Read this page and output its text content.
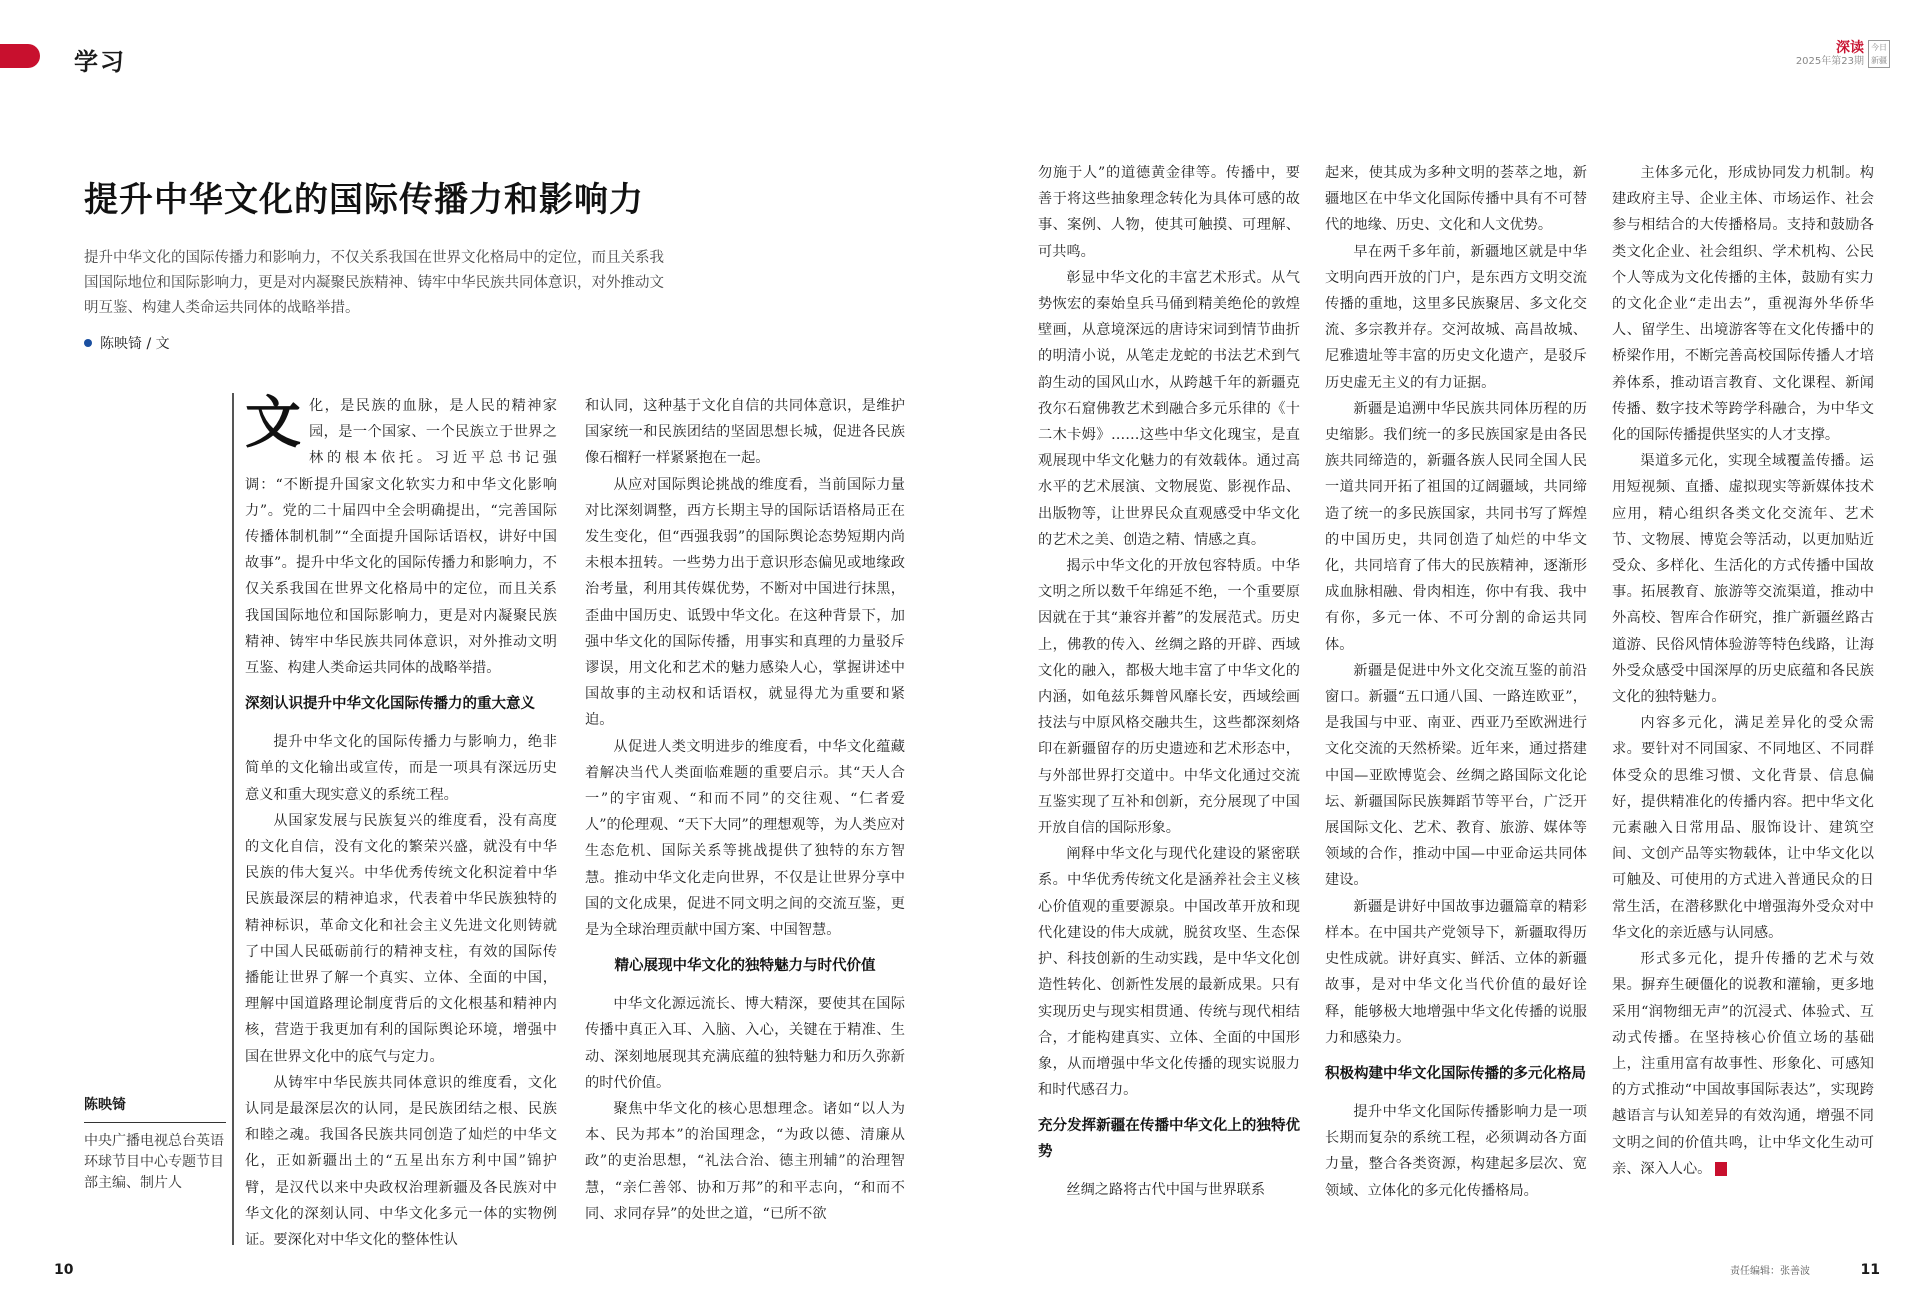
学习	深读
2025年第23期
今日新疆
提升中华文化的国际传播力和影响力
提升中华文化的国际传播力和影响力，不仅关系我国在世界文化格局中的定位，而且关系我国国际地位和国际影响力，更是对内凝聚民族精神、铸牢中华民族共同体意识，对外推动文明互鉴、构建人类命运共同体的战略举措。
陈映锜 / 文

文化，是民族的血脉，是人民的精神家园，是一个国家、一个民族立于世界之林的根本依托。习近平总书记强调：“不断提升国家文化软实力和中华文化影响力”。党的二十届四中全会明确提出，“完善国际传播体制机制”“全面提升国际话语权，讲好中国故事”。提升中华文化的国际传播力和影响力，不仅关系我国在世界文化格局中的定位，而且关系我国国际地位和国际影响力，更是对内凝聚民族精神、铸牢中华民族共同体意识，对外推动文明互鉴、构建人类命运共同体的战略举措。

深刻认识提升中华文化国际传播力的重大意义

提升中华文化的国际传播力与影响力，绝非简单的文化输出或宣传，而是一项具有深远历史意义和重大现实意义的系统工程。

从国家发展与民族复兴的维度看，没有高度的文化自信，没有文化的繁荣兴盛，就没有中华民族的伟大复兴。中华优秀传统文化积淀着中华民族最深层的精神追求，代表着中华民族独特的精神标识，革命文化和社会主义先进文化则铸就了中国人民砥砺前行的精神支柱，有效的国际传播能让世界了解一个真实、立体、全面的中国，理解中国道路理论制度背后的文化根基和精神内核，营造于我更加有利的国际舆论环境，增强中国在世界文化中的底气与定力。

从铸牢中华民族共同体意识的维度看，文化认同是最深层次的认同，是民族团结之根、民族和睦之魂。我国各民族共同创造了灿烂的中华文化，正如新疆出土的“五星出东方利中国”锦护臂，是汉代以来中央政权治理新疆及各民族对中华文化的深刻认同、中华文化多元一体的实物例证。要深化对中华文化的整体性认

和认同，这种基于文化自信的共同体意识，是维护国家统一和民族团结的坚固思想长城，促进各民族像石榴籽一样紧紧抱在一起。

从应对国际舆论挑战的维度看，当前国际力量对比深刻调整，西方长期主导的国际话语格局正在发生变化，但“西强我弱”的国际舆论态势短期内尚未根本扭转。一些势力出于意识形态偏见或地缘政治考量，利用其传媒优势，不断对中国进行抹黑，歪曲中国历史、诋毁中华文化。在这种背景下，加强中华文化的国际传播，用事实和真理的力量驳斥谬误，用文化和艺术的魅力感染人心，掌握讲述中国故事的主动权和话语权，就显得尤为重要和紧迫。

从促进人类文明进步的维度看，中华文化蕴藏着解决当代人类面临难题的重要启示。其“天人合一”的宇宙观、“和而不同”的交往观、“仁者爱人”的伦理观、“天下大同”的理想观等，为人类应对生态危机、国际关系等挑战提供了独特的东方智慧。推动中华文化走向世界，不仅是让世界分享中国的文化成果，促进不同文明之间的交流互鉴，更是为全球治理贡献中国方案、中国智慧。

精心展现中华文化的独特魅力与时代价值

中华文化源远流长、博大精深，要使其在国际传播中真正入耳、入脑、入心，关键在于精准、生动、深刻地展现其充满底蕴的独特魅力和历久弥新的时代价值。

聚焦中华文化的核心思想理念。诸如“以人为本、民为邦本”的治国理念，“为政以德、清廉从政”的吏治思想，“礼法合治、德主刑辅”的治理智慧，“亲仁善邻、协和万邦”的和平志向，“和而不同、求同存异”的处世之道，“已所不欲

陈映锜
中央广播电视总台英语环球节目中心专题节目部主编、制片人

勿施于人”的道德黄金律等。传播中，要善于将这些抽象理念转化为具体可感的故事、案例、人物，使其可触摸、可理解、可共鸣。

彰显中华文化的丰富艺术形式。从气势恢宏的秦始皇兵马俑到精美绝伦的敦煌壁画，从意境深远的唐诗宋词到情节曲折的明清小说，从笔走龙蛇的书法艺术到气韵生动的国风山水，从跨越千年的新疆克孜尔石窟佛教艺术到融合多元乐律的《十二木卡姆》……这些中华文化瑰宝，是直观展现中华文化魅力的有效载体。通过高水平的艺术展演、文物展览、影视作品、出版物等，让世界民众直观感受中华文化的艺术之美、创造之精、情感之真。

揭示中华文化的开放包容特质。中华文明之所以数千年绵延不绝，一个重要原因就在于其“兼容并蓄”的发展范式。历史上，佛教的传入、丝绸之路的开辟、西域文化的融入，都极大地丰富了中华文化的内涵，如龟兹乐舞曾风靡长安，西域绘画技法与中原风格交融共生，这些都深刻烙印在新疆留存的历史遗迹和艺术形态中，与外部世界打交道中。中华文化通过交流互鉴实现了互补和创新，充分展现了中国开放自信的国际形象。

阐释中华文化与现代化建设的紧密联系。中华优秀传统文化是涵养社会主义核心价值观的重要源泉。中国改革开放和现代化建设的伟大成就，脱贫攻坚、生态保护、科技创新的生动实践，是中华文化创造性转化、创新性发展的最新成果。只有实现历史与现实相贯通、传统与现代相结合，才能构建真实、立体、全面的中国形象，从而增强中华文化传播的现实说服力和时代感召力。

充分发挥新疆在传播中华文化上的独特优势

丝绸之路将古代中国与世界联系

起来，使其成为多种文明的荟萃之地，新疆地区在中华文化国际传播中具有不可替代的地缘、历史、文化和人文优势。

早在两千多年前，新疆地区就是中华文明向西开放的门户，是东西方文明交流传播的重地，这里多民族聚居、多文化交流、多宗教并存。交河故城、高昌故城、尼雅遗址等丰富的历史文化遗产，是驳斥历史虚无主义的有力证据。

新疆是追溯中华民族共同体历程的历史缩影。我们统一的多民族国家是由各民族共同缔造的，新疆各族人民同全国人民一道共同开拓了祖国的辽阔疆域，共同缔造了统一的多民族国家，共同书写了辉煌的中国历史，共同创造了灿烂的中华文化，共同培育了伟大的民族精神，逐渐形成血脉相融、骨肉相连，你中有我、我中有你，多元一体、不可分割的命运共同体。

新疆是促进中外文化交流互鉴的前沿窗口。新疆“五口通八国、一路连欧亚”，是我国与中亚、南亚、西亚乃至欧洲进行文化交流的天然桥梁。近年来，通过搭建中国—亚欧博览会、丝绸之路国际文化论坛、新疆国际民族舞蹈节等平台，广泛开展国际文化、艺术、教育、旅游、媒体等领域的合作，推动中国—中亚命运共同体建设。

新疆是讲好中国故事边疆篇章的精彩样本。在中国共产党领导下，新疆取得历史性成就。讲好真实、鲜活、立体的新疆故事，是对中华文化当代价值的最好诠释，能够极大地增强中华文化传播的说服力和感染力。

积极构建中华文化国际传播的多元化格局

提升中华文化国际传播影响力是一项长期而复杂的系统工程，必须调动各方面力量，整合各类资源，构建起多层次、宽领域、立体化的多元化传播格局。

主体多元化，形成协同发力机制。构建政府主导、企业主体、市场运作、社会参与相结合的大传播格局。支持和鼓励各类文化企业、社会组织、学术机构、公民个人等成为文化传播的主体，鼓励有实力的文化企业“走出去”，重视海外华侨华人、留学生、出境游客等在文化传播中的桥梁作用，不断完善高校国际传播人才培养体系，推动语言教育、文化课程、新闻传播、数字技术等跨学科融合，为中华文化的国际传播提供坚实的人才支撑。

渠道多元化，实现全域覆盖传播。运用短视频、直播、虚拟现实等新媒体技术应用，精心组织各类文化交流年、艺术节、文物展、博览会等活动，以更加贴近受众、多样化、生活化的方式传播中国故事。拓展教育、旅游等交流渠道，推动中外高校、智库合作研究，推广新疆丝路古道游、民俗风情体验游等特色线路，让海外受众感受中国深厚的历史底蕴和各民族文化的独特魅力。

内容多元化，满足差异化的受众需求。要针对不同国家、不同地区、不同群体受众的思维习惯、文化背景、信息偏好，提供精准化的传播内容。把中华文化元素融入日常用品、服饰设计、建筑空间、文创产品等实物载体，让中华文化以可触及、可使用的方式进入普通民众的日常生活，在潜移默化中增强海外受众对中华文化的亲近感与认同感。

形式多元化，提升传播的艺术与效果。摒弃生硬僵化的说教和灌输，更多地采用“润物细无声”的沉浸式、体验式、互动式传播。在坚持核心价值立场的基础上，注重用富有故事性、形象化、可感知的方式推动“中国故事国际表达”，实现跨越语言与认知差异的有效沟通，增强不同文明之间的价值共鸣，让中华文化生动可亲、深入人心。

10	责任编辑：张善波	11
